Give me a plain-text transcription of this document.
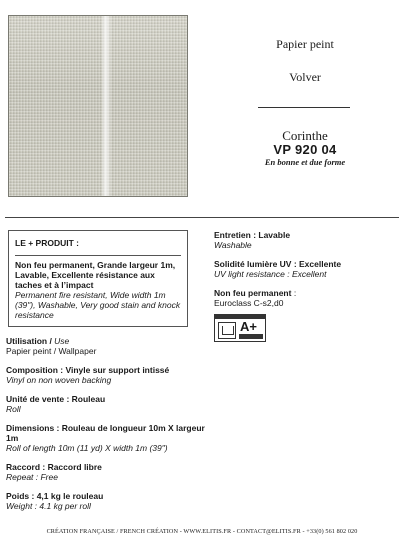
Papier peint
Volver
Corinthe
VP 920 04
En bonne et due forme
LE + PRODUIT :
Non feu permanent, Grande largeur 1m, Lavable, Excellente résistance aux taches et à l’impact
Permanent fire resistant, Wide width 1m (39"), Washable, Very good stain and knock resistance
Utilisation / Use
Papier peint / Wallpaper
Composition : Vinyle sur support intissé
Vinyl on non woven backing
Unité de vente : Rouleau
Roll
Dimensions : Rouleau de longueur 10m X largeur 1m
Roll of length 10m (11 yd) X width 1m (39")
Raccord : Raccord libre
Repeat : Free
Poids : 4,1 kg le rouleau
Weight : 4.1 kg per roll
Entretien : Lavable
Washable
Solidité lumière UV : Excellente
UV light resistance : Excellent
Non feu permanent :
Euroclass C-s2,d0
A+
CRÉATION FRANÇAISE / FRENCH CRÉATION - WWW.ELITIS.FR - CONTACT@ELITIS.FR - +33(0) 561 802 020
